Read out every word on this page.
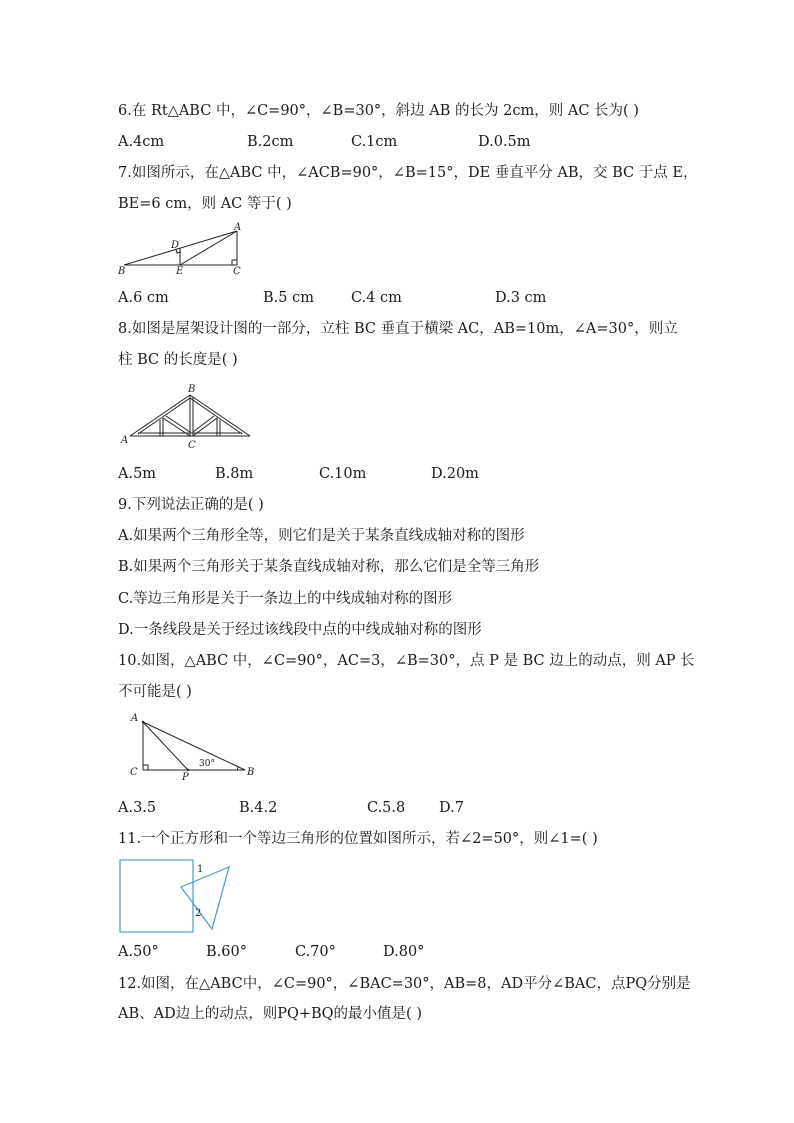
6.在 Rt△ABC 中，∠C=90°，∠B=30°，斜边 AB 的长为 2cm，则 AC 长为( )
A.4cm	B.2cm	C.1cm	D.0.5m
7.如图所示，在△ABC 中，∠ACB=90°，∠B=15°，DE 垂直平分 AB，交 BC 于点 E，
BE=6 cm，则 AC 等于( )
A
B	C
D
E
A.6 cm	B.5 cm	C.4 cm	D.3 cm
8.如图是屋架设计图的一部分，立柱 BC 垂直于横梁 AC，AB=10m，∠A=30°，则立
柱 BC 的长度是( )
B
A	C
A.5m	B.8m	C.10m	D.20m
9.下列说法正确的是( )
A.如果两个三角形全等，则它们是关于某条直线成轴对称的图形
B.如果两个三角形关于某条直线成轴对称，那么它们是全等三角形
C.等边三角形是关于一条边上的中线成轴对称的图形
D.一条线段是关于经过该线段中点的中线成轴对称的图形
10.如图，△ABC 中，∠C=90°，AC=3，∠B=30°，点 P 是 BC 边上的动点，则 AP 长
不可能是( )
A
C	P	B
30°
A.3.5	B.4.2	C.5.8 D.7
11.一个正方形和一个等边三角形的位置如图所示，若∠2=50°，则∠1=( )
1
2
A.50°	B.60°	C.70°	D.80°
12.如图，在△ABC中，∠C=90°，∠BAC=30°，AB=8，AD平分∠BAC，点PQ分别是
AB、AD边上的动点，则PQ+BQ的最小值是( )
